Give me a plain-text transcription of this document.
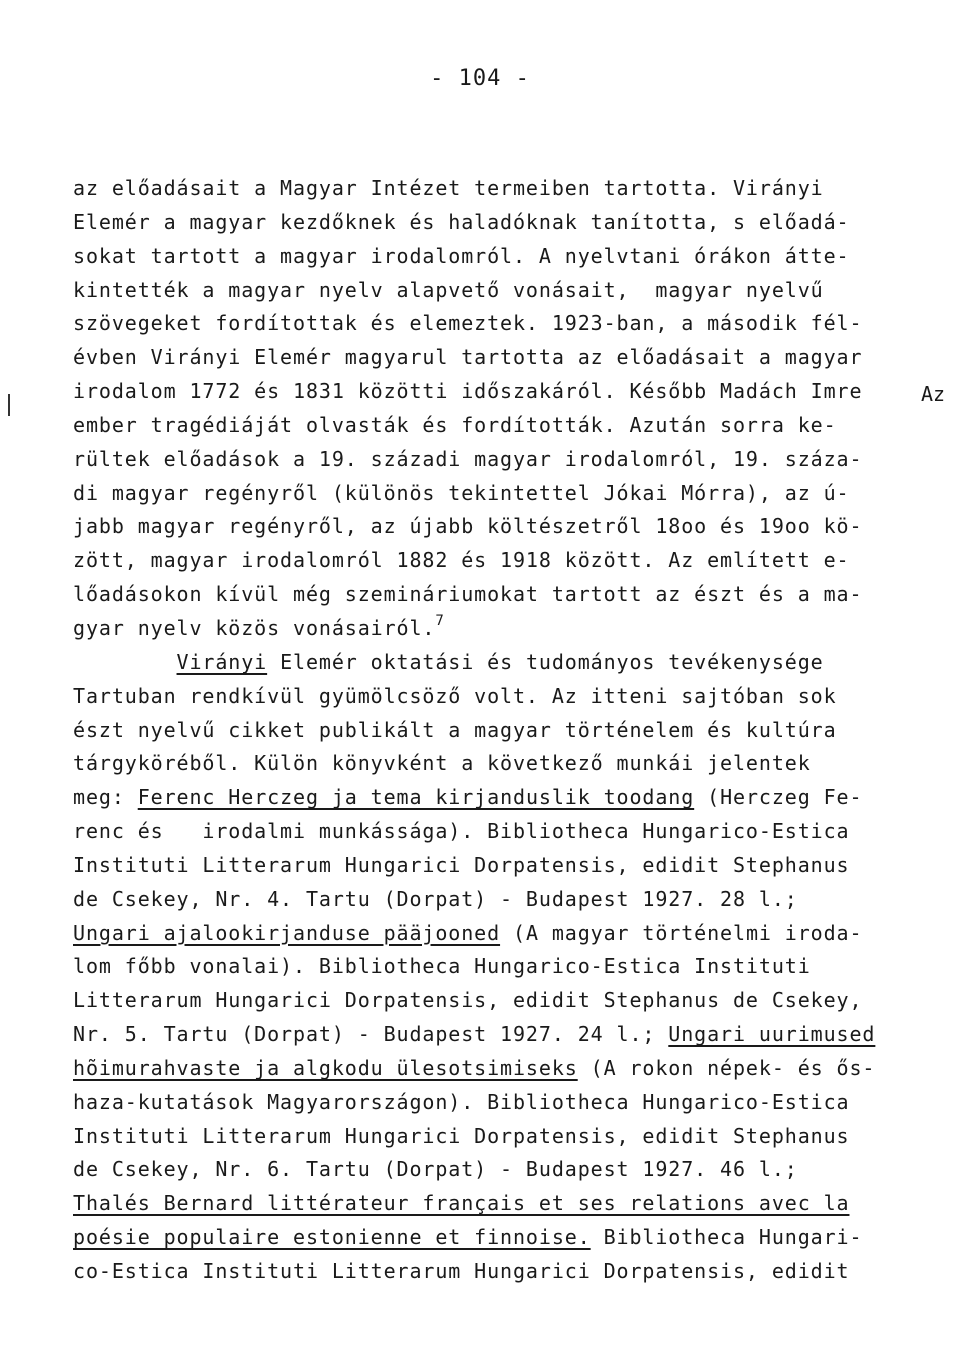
- 104 -
Az
az előadásait a Magyar Intézet termeiben tartotta. Virányi
Elemér a magyar kezdőknek és haladóknak tanította, s előadá-
sokat tartott a magyar irodalomról. A nyelvtani órákon átte-
kintették a magyar nyelv alapvető vonásait,  magyar nyelvű
szövegeket fordítottak és elemeztek. 1923-ban, a második fél-
évben Virányi Elemér magyarul tartotta az előadásait a magyar
irodalom 1772 és 1831 közötti időszakáról. Később Madách Imre
ember tragédiáját olvasták és fordították. Azután sorra ke-
rültek előadások a 19. századi magyar irodalomról, 19. száza-
di magyar regényről (különös tekintettel Jókai Mórra), az ú-
jabb magyar regényről, az újabb költészetről 18oo és 19oo kö-
zött, magyar irodalomról 1882 és 1918 között. Az említett e-
lőadásokon kívül még szemináriumokat tartott az észt és a ma-
gyar nyelv közös vonásairól.$^7$
Virányi Elemér oktatási és tudományos tevékenysége
Tartuban rendkívül gyümölcsöző volt. Az itteni sajtóban sok
észt nyelvű cikket publikált a magyar történelem és kultúra
tárgyköréből. Külön könyvként a következő munkái jelentek
meg: Ferenc Herczeg ja tema kirjanduslik toodang (Herczeg Fe-
renc és   irodalmi munkássága). Bibliotheca Hungarico-Estica
Instituti Litterarum Hungarici Dorpatensis, edidit Stephanus
de Csekey, Nr. 4. Tartu (Dorpat) - Budapest 1927. 28 l.;
Ungari ajalookirjanduse pääjooned (A magyar történelmi iroda-
lom főbb vonalai). Bibliotheca Hungarico-Estica Instituti
Litterarum Hungarici Dorpatensis, edidit Stephanus de Csekey,
Nr. 5. Tartu (Dorpat) - Budapest 1927. 24 l.; Ungari uurimused
hõimurahvaste ja algkodu ülesotsimiseks (A rokon népek- és ős-
haza-kutatások Magyarországon). Bibliotheca Hungarico-Estica
Instituti Litterarum Hungarici Dorpatensis, edidit Stephanus
de Csekey, Nr. 6. Tartu (Dorpat) - Budapest 1927. 46 l.;
Thalés Bernard littérateur français et ses relations avec la
poésie populaire estonienne et finnoise. Bibliotheca Hungari-
co-Estica Instituti Litterarum Hungarici Dorpatensis, edidit
